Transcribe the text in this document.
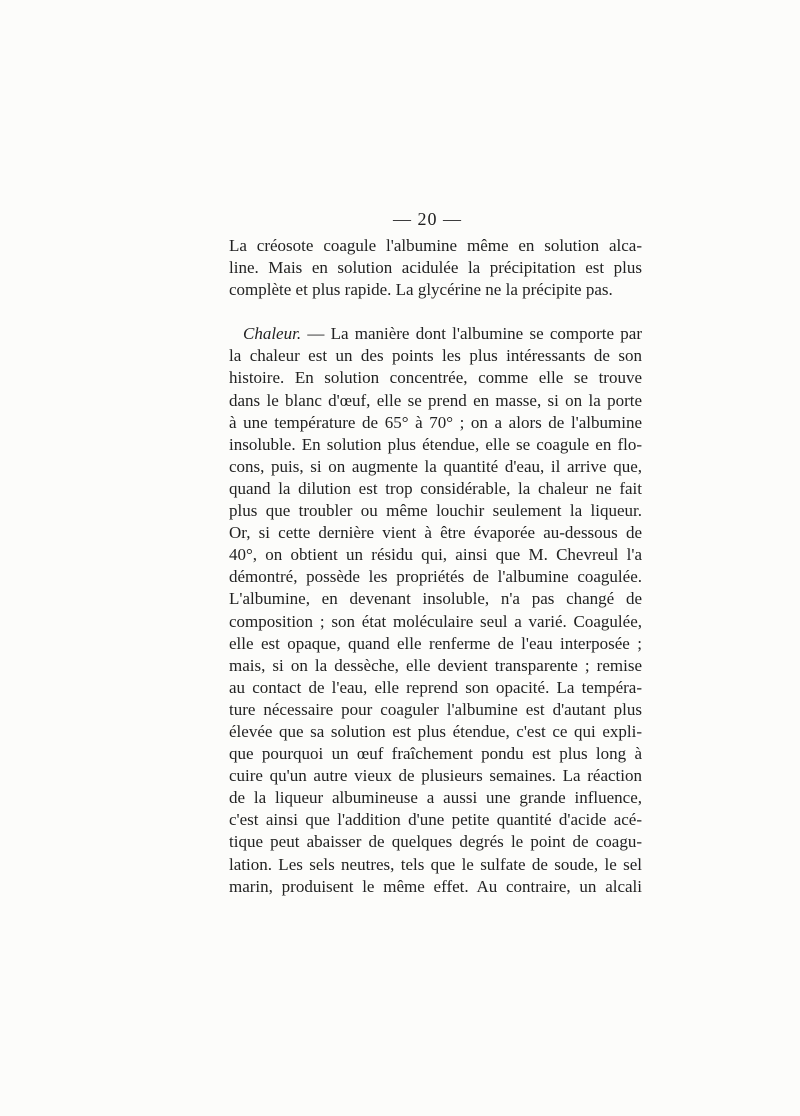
— 20 —
La créosote coagule l'albumine même en solution alca-
line. Mais en solution acidulée la précipitation est plus
complète et plus rapide. La glycérine ne la précipite pas.
Chaleur. — La manière dont l'albumine se comporte par
la chaleur est un des points les plus intéressants de son
histoire. En solution concentrée, comme elle se trouve
dans le blanc d'œuf, elle se prend en masse, si on la porte
à une température de 65° à 70° ; on a alors de l'albumine
insoluble. En solution plus étendue, elle se coagule en flo-
cons, puis, si on augmente la quantité d'eau, il arrive que,
quand la dilution est trop considérable, la chaleur ne fait
plus que troubler ou même louchir seulement la liqueur.
Or, si cette dernière vient à être évaporée au-dessous de
40°, on obtient un résidu qui, ainsi que M. Chevreul l'a
démontré, possède les propriétés de l'albumine coagulée.
L'albumine, en devenant insoluble, n'a pas changé de
composition ; son état moléculaire seul a varié. Coagulée,
elle est opaque, quand elle renferme de l'eau interposée ;
mais, si on la dessèche, elle devient transparente ; remise
au contact de l'eau, elle reprend son opacité. La tempéra-
ture nécessaire pour coaguler l'albumine est d'autant plus
élevée que sa solution est plus étendue, c'est ce qui expli-
que pourquoi un œuf fraîchement pondu est plus long à
cuire qu'un autre vieux de plusieurs semaines. La réaction
de la liqueur albumineuse a aussi une grande influence,
c'est ainsi que l'addition d'une petite quantité d'acide acé-
tique peut abaisser de quelques degrés le point de coagu-
lation. Les sels neutres, tels que le sulfate de soude, le sel
marin, produisent le même effet. Au contraire, un alcali
